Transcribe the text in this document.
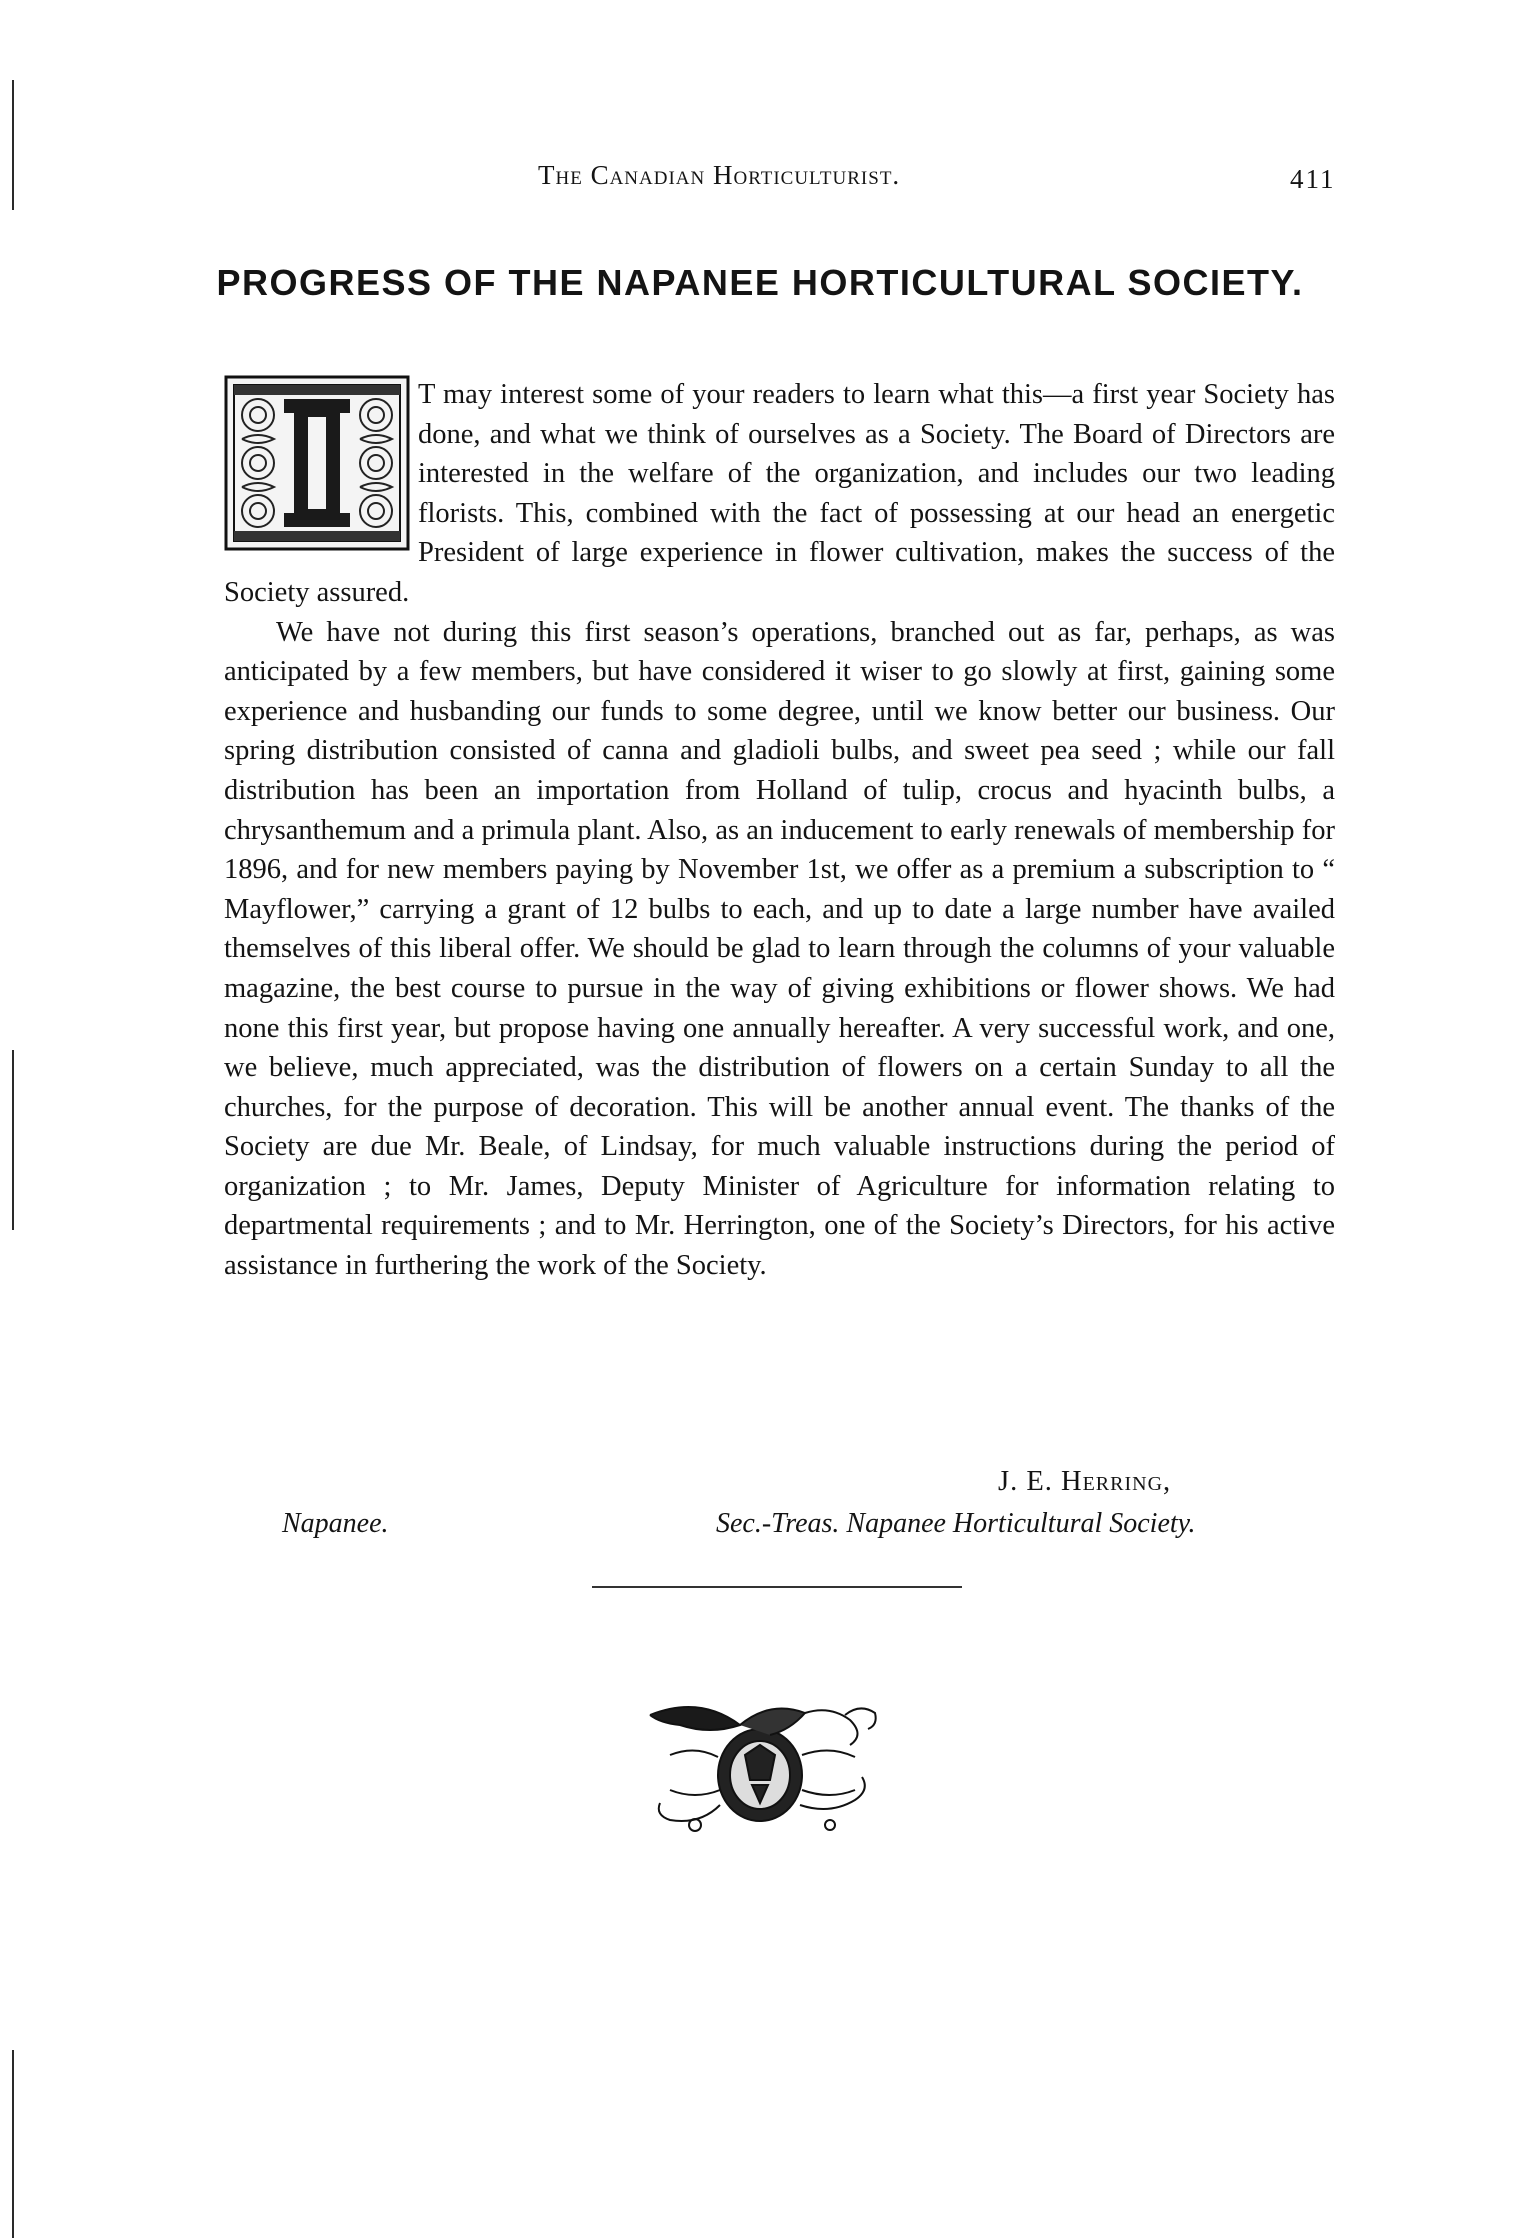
The Canadian Horticulturist.	411
PROGRESS OF THE NAPANEE HORTICULTURAL SOCIETY.

T may interest some of your readers to learn what this—a first year Society has done, and what we think of ourselves as a Society. The Board of Directors are interested in the welfare of the organization, and includes our two leading florists. This, combined with the fact of possessing at our head an energetic President of large experience in flower cultivation, makes the success of the Society assured.

We have not during this first season’s operations, branched out as far, perhaps, as was anticipated by a few members, but have considered it wiser to go slowly at first, gaining some experience and husbanding our funds to some degree, until we know better our business. Our spring distribution consisted of canna and gladioli bulbs, and sweet pea seed ; while our fall distribution has been an importation from Holland of tulip, crocus and hyacinth bulbs, a chrysanthemum and a primula plant. Also, as an inducement to early renewals of membership for 1896, and for new members paying by November 1st, we offer as a premium a subscription to “ Mayflower,” carrying a grant of 12 bulbs to each, and up to date a large number have availed themselves of this liberal offer. We should be glad to learn through the columns of your valuable magazine, the best course to pursue in the way of giving exhibitions or flower shows. We had none this first year, but propose having one annually hereafter. A very successful work, and one, we believe, much appreciated, was the distribution of flowers on a certain Sunday to all the churches, for the purpose of decoration. This will be another annual event. The thanks of the Society are due Mr. Beale, of Lindsay, for much valuable instructions during the period of organization ; to Mr. James, Deputy Minister of Agriculture for information relating to departmental requirements ; and to Mr. Herrington, one of the Society’s Directors, for his active assistance in furthering the work of the Society.

J. E. Herring,
Napanee.	Sec.-Treas. Napanee Horticultural Society.
